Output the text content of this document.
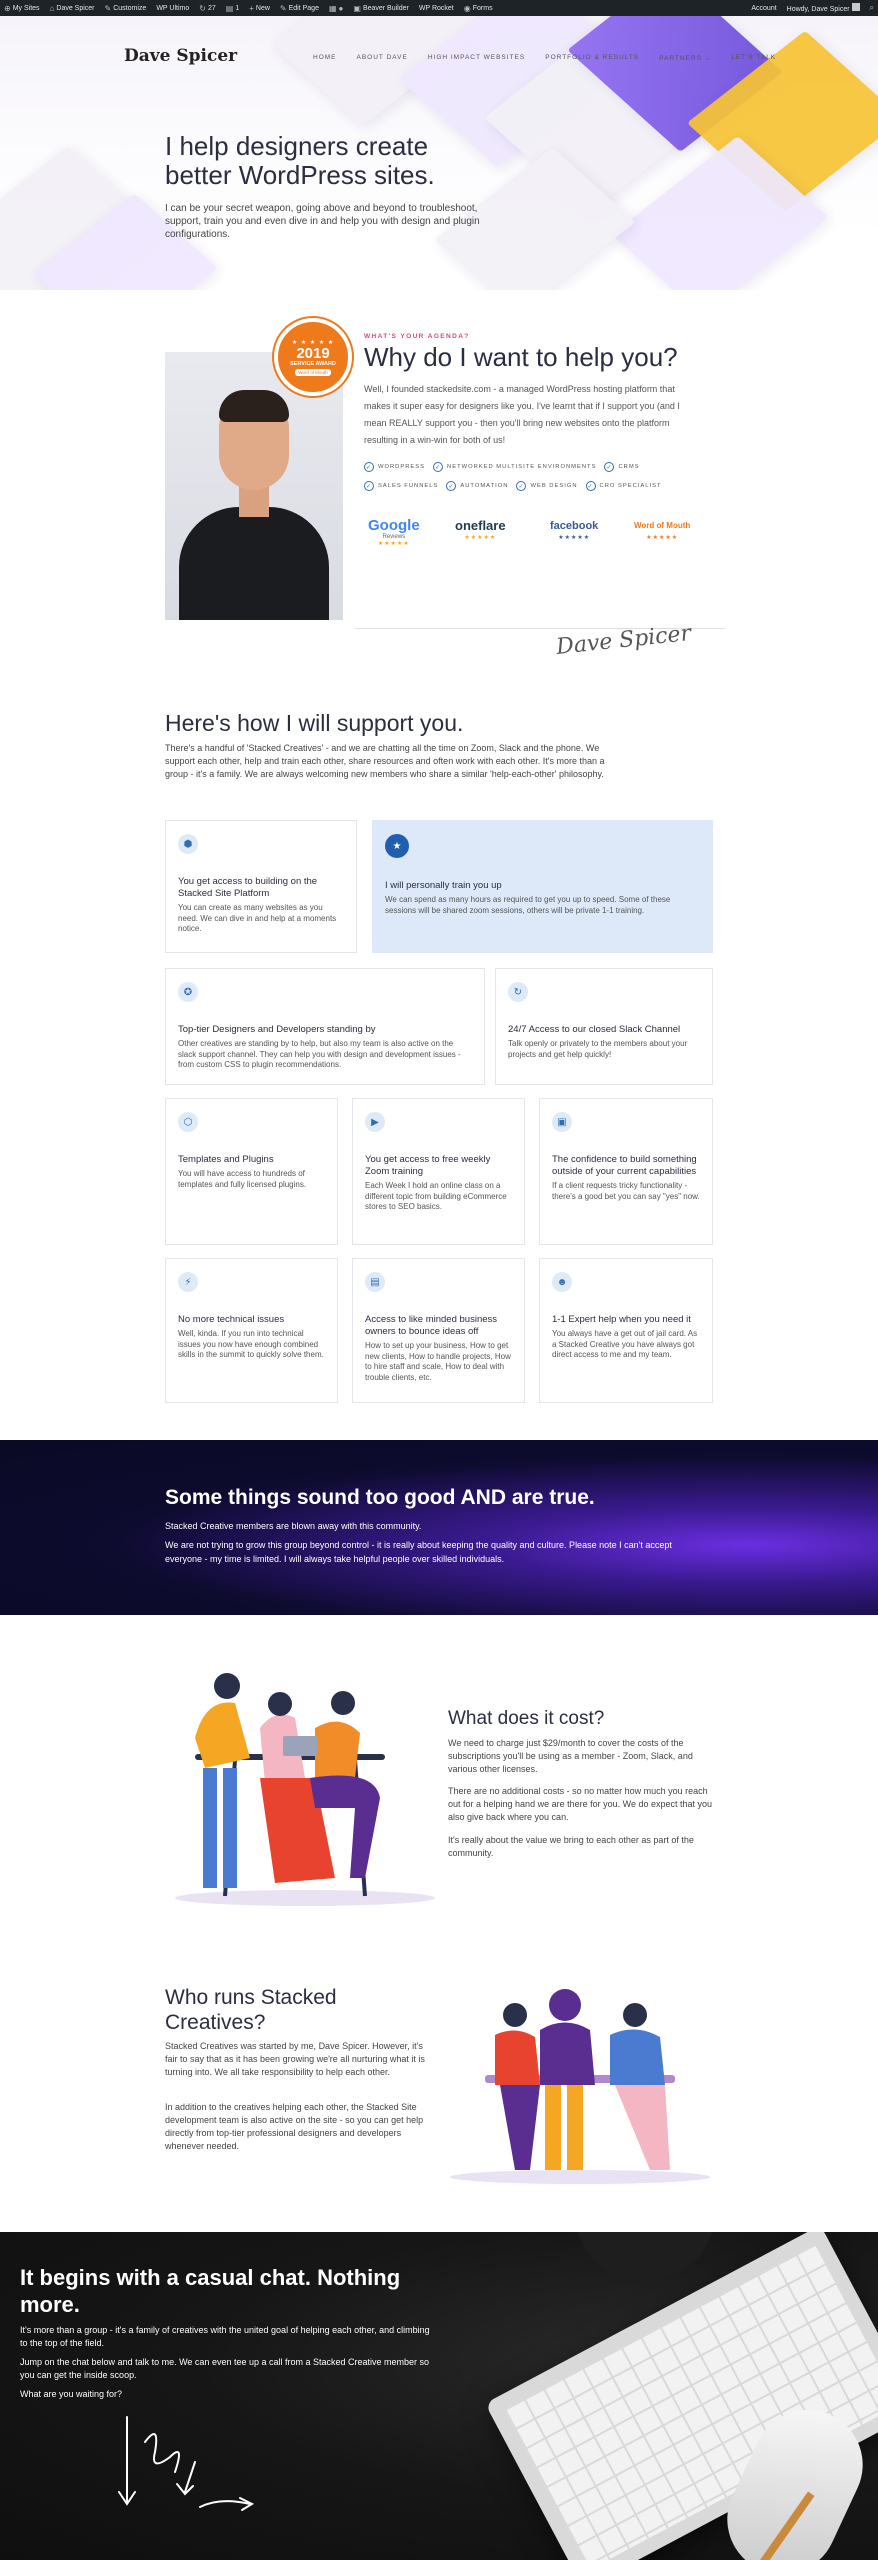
⊕ My Sites ⌂ Dave Spicer ✎ Customize WP Ultimo ↻ 27 ▤ 1 + New ✎ Edit Page ▦ ● ▣ Beaver Builder WP Rocket ◉ Forms	Account Howdy, Dave Spicer	⌕
Dave Spicer	HOME	ABOUT DAVE	HIGH IMPACT WEBSITES	PORTFOLIO & RESULTS	PARTNERS ⌄	LET'S TALK
I help designers create better WordPress sites.

I can be your secret weapon, going above and beyond to troubleshoot, support, train you and even dive in and help you with design and plugin configurations.

★ ★ ★ ★ ★
2019
SERVICE AWARD
Word of Mouth
WHAT'S YOUR AGENDA?
Why do I want to help you?
Well, I founded stackedsite.com - a managed WordPress hosting platform that makes it super easy for designers like you. I've learnt that if I support you (and I mean REALLY support you - then you'll bring new websites onto the platform resulting in a win-win for both of us!
✓	WORDPRESS	✓	NETWORKED MULTISITE ENVIRONMENTS	✓	CRMS
✓	SALES FUNNELS	✓	AUTOMATION	✓	WEB DESIGN	✓	CRO SPECIALIST
Google
Reviews
★★★★★
oneflare
★★★★★
facebook
★★★★★
Word of Mouth
★★★★★
Dave Spicer
Here's how I will support you.
There's a handful of 'Stacked Creatives' - and we are chatting all the time on Zoom, Slack and the phone. We support each other, help and train each other, share resources and often work with each other. It's more than a group - it's a family. We are always welcoming new members who share a similar 'help-each-other' philosophy.
⬢
You get access to building on the Stacked Site Platform
You can create as many websites as you need. We can dive in and help at a moments notice.
★
I will personally train you up
We can spend as many hours as required to get you up to speed. Some of these sessions will be shared zoom sessions, others will be private 1-1 training.
✪
Top-tier Designers and Developers standing by
Other creatives are standing by to help, but also my team is also active on the slack support channel. They can help you with design and development issues - from custom CSS to plugin recommendations.
↻
24/7 Access to our closed Slack Channel
Talk openly or privately to the members about your projects and get help quickly!
⬡
Templates and Plugins
You will have access to hundreds of templates and fully licensed plugins.
▶
You get access to free weekly Zoom training
Each Week I hold an online class on a different topic from building eCommerce stores to SEO basics.
▣
The confidence to build something outside of your current capabilities
If a client requests tricky functionality - there's a good bet you can say "yes" now.
⚡
No more technical issues
Well, kinda. If you run into technical issues you now have enough combined skills in the summit to quickly solve them.
▤
Access to like minded business owners to bounce ideas off
How to set up your business, How to get new clients, How to handle projects, How to hire staff and scale, How to deal with trouble clients, etc.
☻
1-1 Expert help when you need it
You always have a get out of jail card. As a Stacked Creative you have always got direct access to me and my team.
Some things sound too good AND are true.
Stacked Creative members are blown away with this community.
We are not trying to grow this group beyond control - it is really about keeping the quality and culture. Please note I can't accept everyone - my time is limited. I will always take helpful people over skilled individuals.
What does it cost?
We need to charge just $29/month to cover the costs of the subscriptions you'll be using as a member - Zoom, Slack, and various other licenses.
There are no additional costs - so no matter how much you reach out for a helping hand we are there for you. We do expect that you also give back where you can.
It's really about the value we bring to each other as part of the community.
Who runs Stacked Creatives?
Stacked Creatives was started by me, Dave Spicer. However, it's fair to say that as it has been growing we're all nurturing what it is turning into. We all take responsibility to help each other.
In addition to the creatives helping each other, the Stacked Site development team is also active on the site - so you can get help directly from top-tier professional designers and developers whenever needed.
It begins with a casual chat. Nothing more.
It's more than a group - it's a family of creatives with the united goal of helping each other, and climbing to the top of the field.
Jump on the chat below and talk to me. We can even tee up a call from a Stacked Creative member so you can get the inside scoop.
What are you waiting for?
